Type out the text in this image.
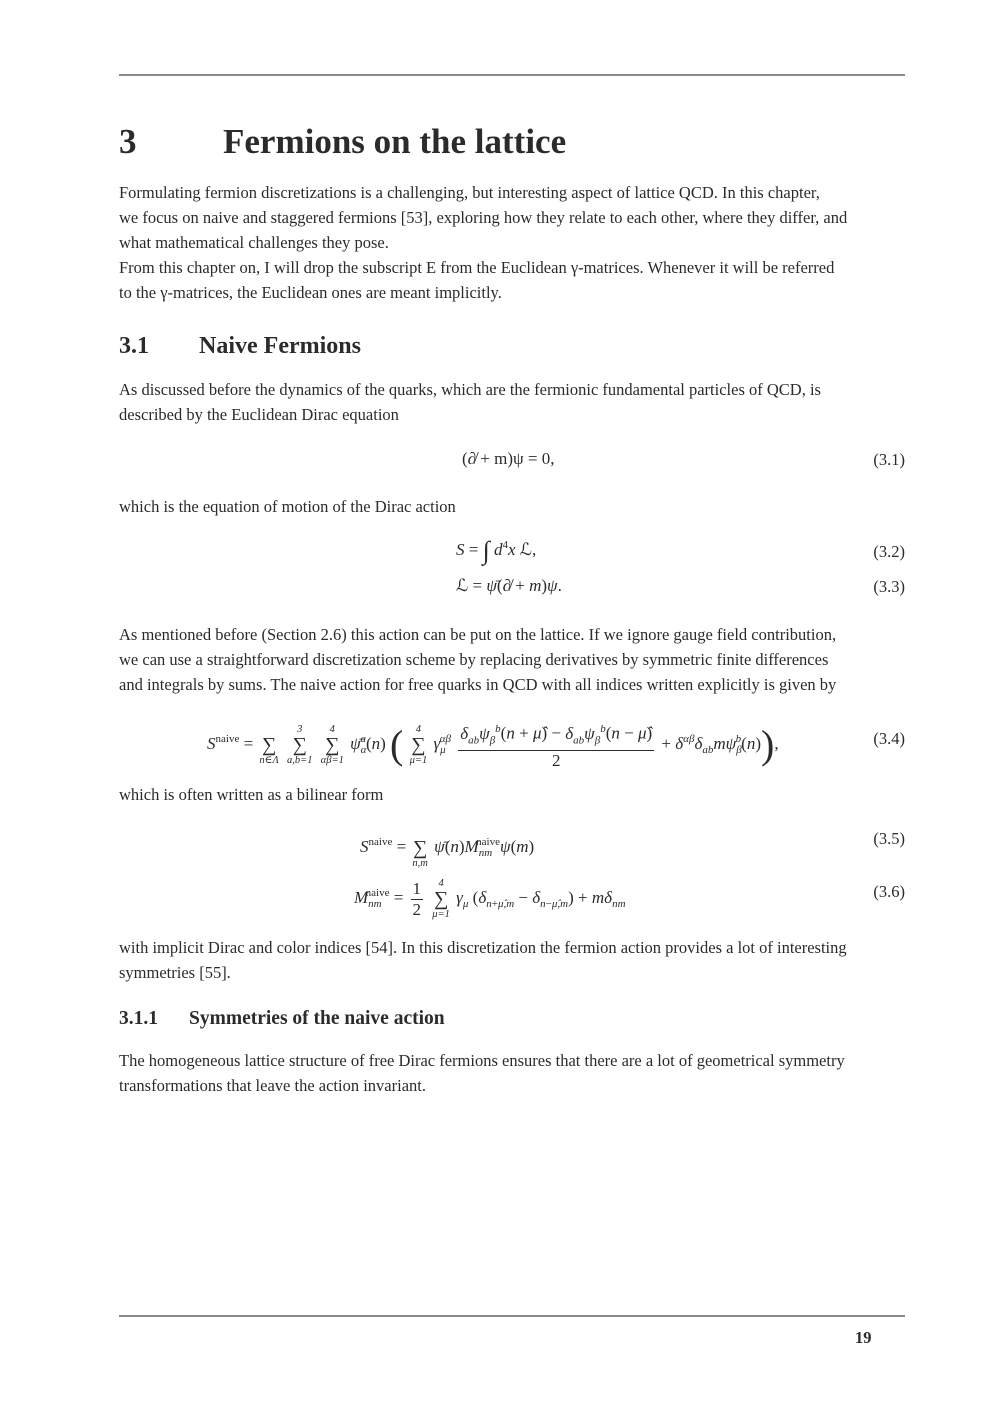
3 Fermions on the lattice

Formulating fermion discretizations is a challenging, but interesting aspect of lattice QCD. In this chapter,
we focus on naive and staggered fermions [53], exploring how they relate to each other, where they differ, and
what mathematical challenges they pose.
From this chapter on, I will drop the subscript E from the Euclidean γ-matrices. Whenever it will be referred
to the γ-matrices, the Euclidean ones are meant implicitly.

3.1 Naive Fermions

As discussed before the dynamics of the quarks, which are the fermionic fundamental particles of QCD, is
described by the Euclidean Dirac equation

(∂̸ + m)ψ = 0,	(3.1)

which is the equation of motion of the Dirac action

S = ∫ $d^4x$ ℒ,	(3.2)
ℒ = ψ̄(∂̸ + m)ψ.	(3.3)

As mentioned before (Section 2.6) this action can be put on the lattice. If we ignore gauge field contribution,
we can use a straightforward discretization scheme by replacing derivatives by symmetric finite differences
and integrals by sums. The naive action for free quarks in QCD with all indices written explicitly is given by

$S^{naive}$ =
∑
n∈Λ

3
∑
a,b=1

4
∑
αβ=1
$\psī_\alpha^a(n)$ (	4
∑
μ=1
$\gamma_\mu^{\alpha\beta} \frac{\delta_{ab}\psi_\beta^b(n + \mû) - \delta_{ab}\psi_\beta^b(n - \mû)}{2} + \delta^{\alpha\beta}\delta_{ab}m\psi_\beta^b(n)$),	(3.4)

which is often written as a bilinear form

$S^{naive}$ =
∑
n,m
$\psī(n)M_{nm}^{naive}\psi(m)$	(3.5)
$M_{nm}^{naive} = \frac{1}{2}$
	4
∑
μ=1
$\gamma_\mu$ $(\delta_{n+\mû,m} - \delta_{n-\mû,m}) + m\delta_{nm}$
(3.6)

with implicit Dirac and color indices [54]. In this discretization the fermion action provides a lot of interesting
symmetries [55].

3.1.1 Symmetries of the naive action

The homogeneous lattice structure of free Dirac fermions ensures that there are a lot of geometrical symmetry
transformations that leave the action invariant.

19
